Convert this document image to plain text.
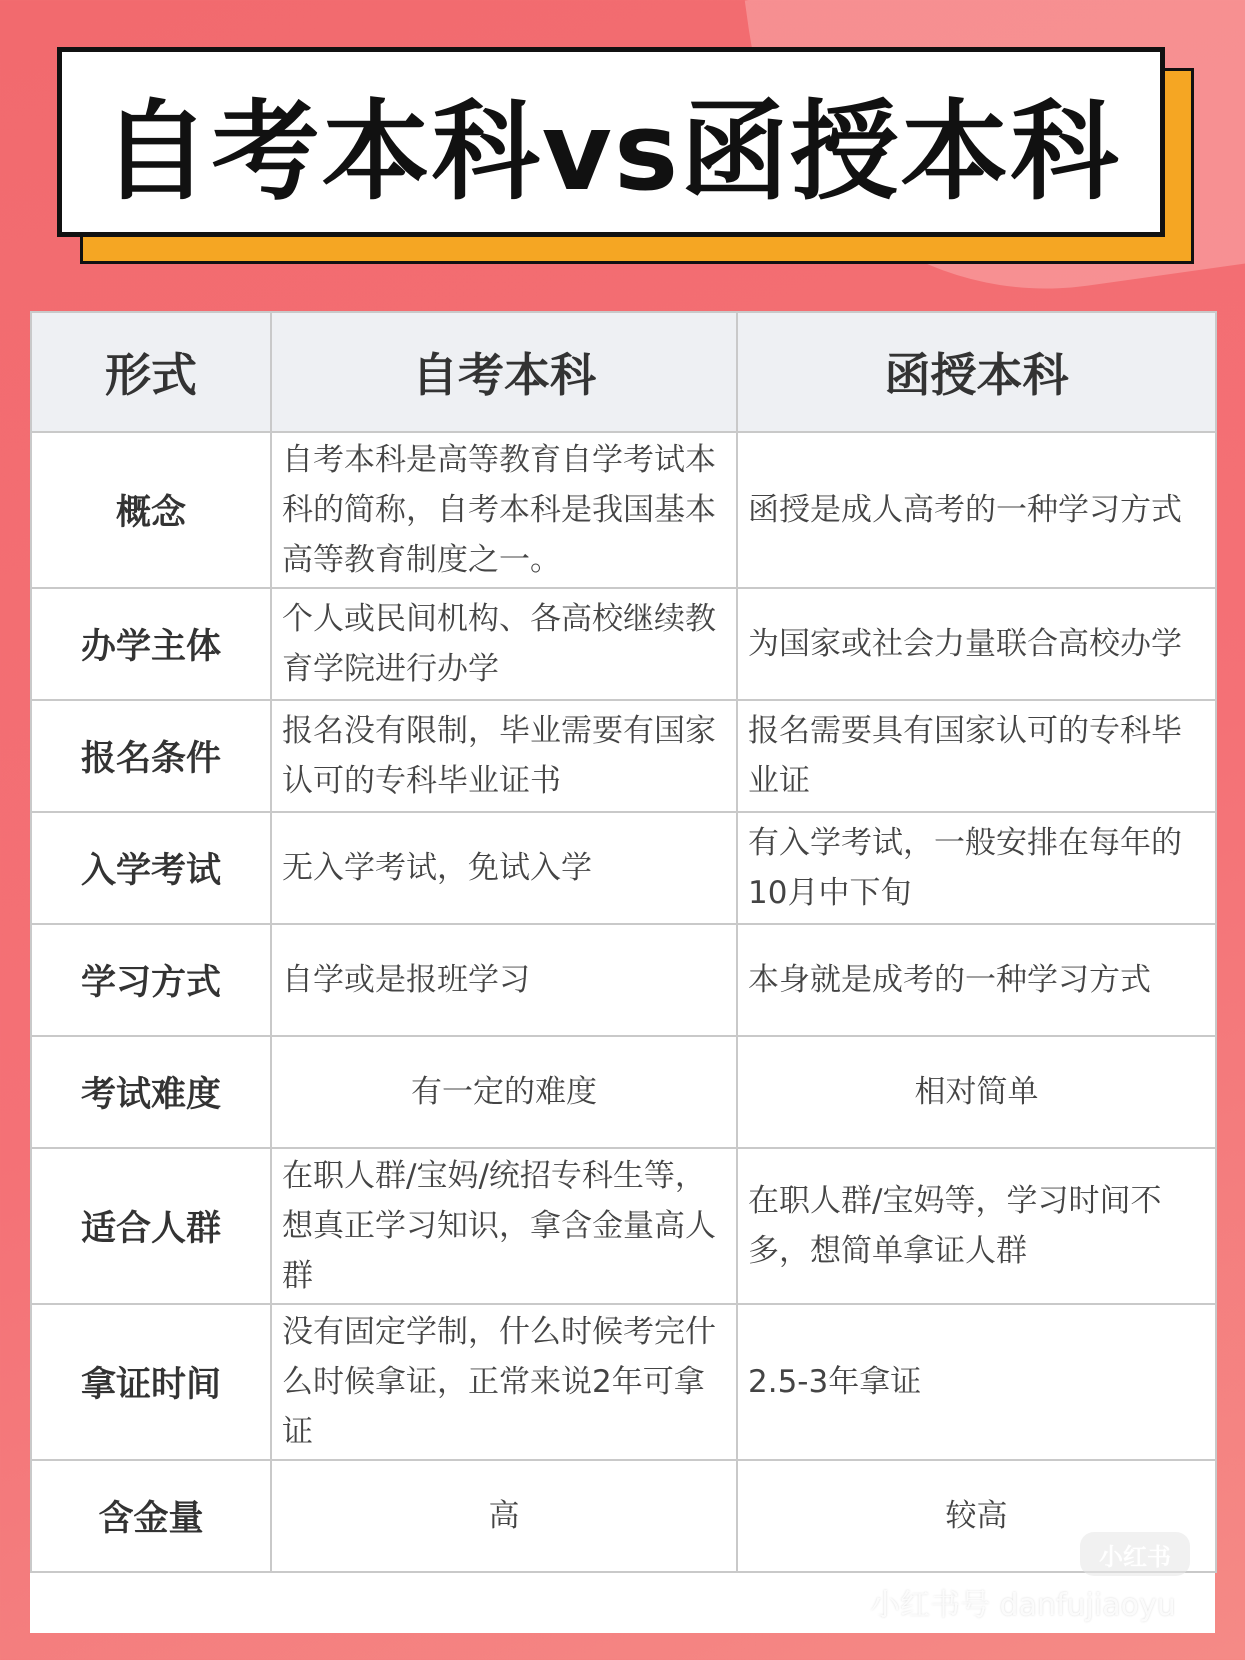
自考本科vs函授本科
形式	自考本科	函授本科
概念	自考本科是高等教育自学考试本科的简称，自考本科是我国基本高等教育制度之一。	函授是成人高考的一种学习方式
办学主体	个人或民间机构、各高校继续教育学院进行办学	为国家或社会力量联合高校办学
报名条件	报名没有限制，毕业需要有国家认可的专科毕业证书	报名需要具有国家认可的专科毕业证
入学考试	无入学考试，免试入学	有入学考试，一般安排在每年的10月中下旬
学习方式	自学或是报班学习	本身就是成考的一种学习方式
考试难度	有一定的难度	相对简单
适合人群	在职人群/宝妈/统招专科生等，想真正学习知识，拿含金量高人群	在职人群/宝妈等，学习时间不多，想简单拿证人群
拿证时间	没有固定学制，什么时候考完什么时候拿证，正常来说2年可拿证	2.5-3年拿证
含金量	高	较高
小红书
小红书号 danfujiaoyu
